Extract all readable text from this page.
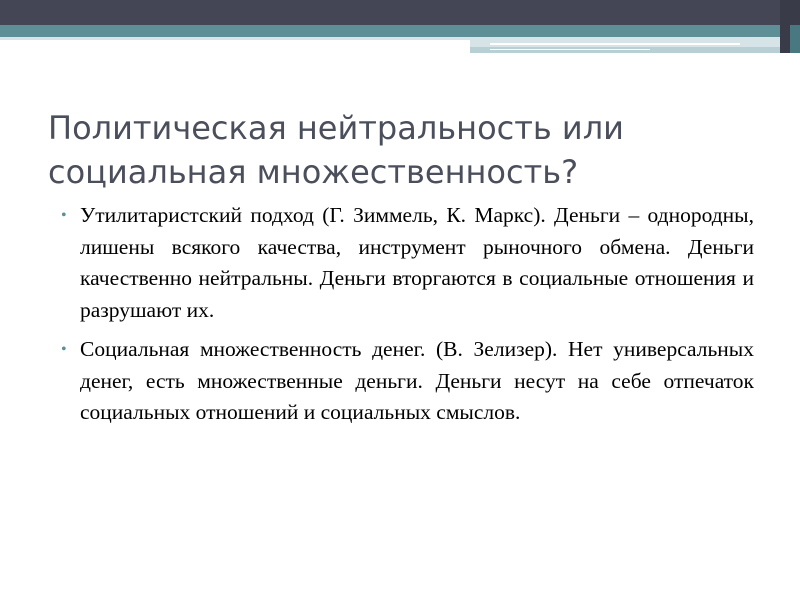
Политическая нейтральность или социальная множественность?
• Утилитаристский подход (Г. Зиммель, К. Маркс). Деньги – однородны, лишены всякого качества, инструмент рыночного обмена. Деньги качественно нейтральны. Деньги вторгаются в социальные отношения и разрушают их.
• Социальная множественность денег. (В. Зелизер). Нет универсальных денег, есть множественные деньги. Деньги несут на себе отпечаток социальных отношений и социальных смыслов.
